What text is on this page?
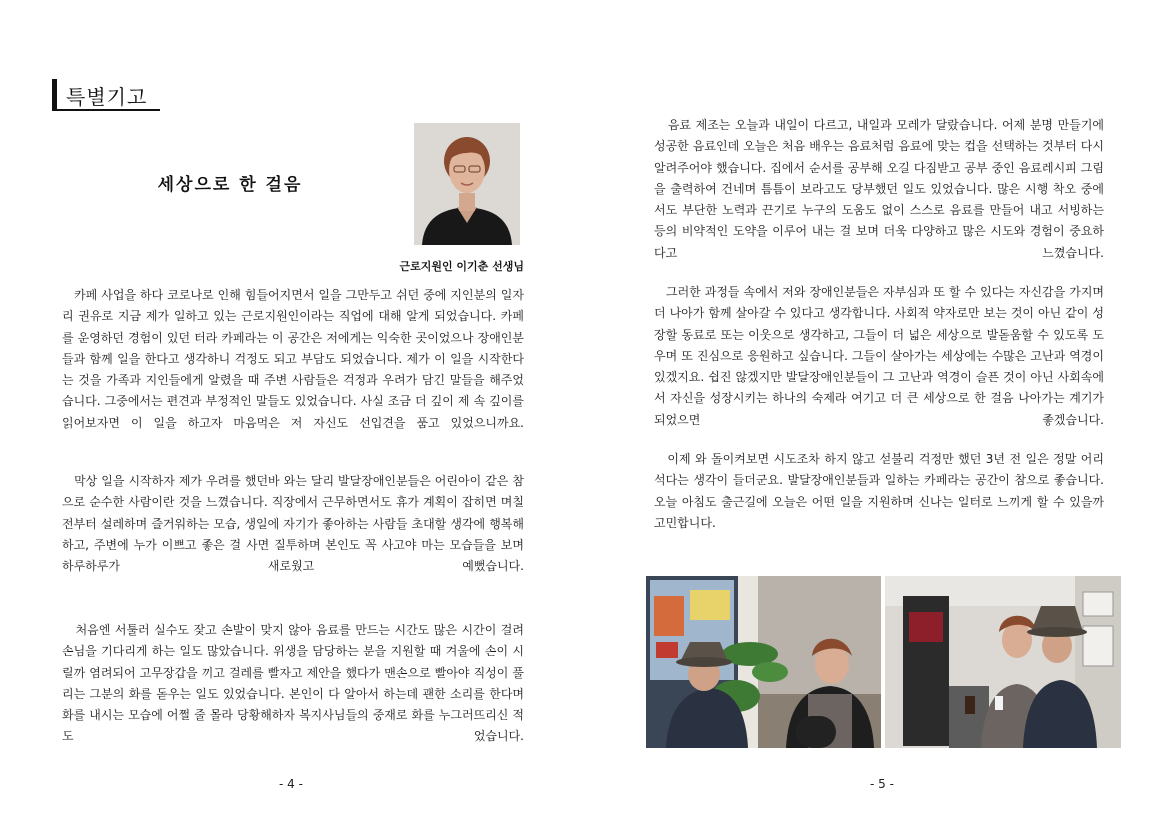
특별기고
세상으로 한 걸음
근로지원인 이기춘 선생님

카페 사업을 하다 코로나로 인해 힘들어지면서 일을 그만두고 쉬던 중에 지인분의 일자리 권유로 지금 제가 일하고 있는 근로지원인이라는 직업에 대해 알게 되었습니다. 카페를 운영하던 경험이 있던 터라 카페라는 이 공간은 저에게는 익숙한 곳이었으나 장애인분들과 함께 일을 한다고 생각하니 걱정도 되고 부담도 되었습니다. 제가 이 일을 시작한다는 것을 가족과 지인들에게 알렸을 때 주변 사람들은 걱정과 우려가 담긴 말들을 해주었습니다. 그중에서는 편견과 부정적인 말들도 있었습니다. 사실 조금 더 깊이 제 속 깊이를 읽어보자면 이 일을 하고자 마음먹은 저 자신도 선입견을 품고 있었으니까요.

막상 일을 시작하자 제가 우려를 했던바 와는 달리 발달장애인분들은 어린아이 같은 참으로 순수한 사람이란 것을 느꼈습니다. 직장에서 근무하면서도 휴가 계획이 잡히면 며칠 전부터 설레하며 즐거워하는 모습, 생일에 자기가 좋아하는 사람들 초대할 생각에 행복해하고, 주변에 누가 이쁘고 좋은 걸 사면 질투하며 본인도 꼭 사고야 마는 모습들을 보며 하루하루가 새로웠고 예뻤습니다.

처음엔 서툴러 실수도 잦고 손발이 맞지 않아 음료를 만드는 시간도 많은 시간이 걸려 손님을 기다리게 하는 일도 많았습니다. 위생을 담당하는 분을 지원할 때 겨울에 손이 시릴까 염려되어 고무장갑을 끼고 걸레를 빨자고 제안을 했다가 맨손으로 빨아야 직성이 풀리는 그분의 화를 돋우는 일도 있었습니다. 본인이 다 알아서 하는데 괜한 소리를 한다며 화를 내시는 모습에 어쩔 줄 몰라 당황해하자 복지사님들의 중재로 화를 누그러뜨리신 적도 었습니다.

- 4 -

음료 제조는 오늘과 내일이 다르고, 내일과 모레가 달랐습니다. 어제 분명 만들기에 성공한 음료인데 오늘은 처음 배우는 음료처럼 음료에 맞는 컵을 선택하는 것부터 다시 알려주어야 했습니다. 집에서 순서를 공부해 오길 다짐받고 공부 중인 음료레시피 그림을 출력하여 건네며 틈틈이 보라고도 당부했던 일도 있었습니다. 많은 시행 착오 중에서도 부단한 노력과 끈기로 누구의 도움도 없이 스스로 음료를 만들어 내고 서빙하는 등의 비약적인 도약을 이루어 내는 걸 보며 더욱 다양하고 많은 시도와 경험이 중요하다고 느꼈습니다.

그러한 과정들 속에서 저와 장애인분들은 자부심과 또 할 수 있다는 자신감을 가지며 더 나아가 함께 살아갈 수 있다고 생각합니다. 사회적 약자로만 보는 것이 아닌 같이 성장할 동료로 또는 이웃으로 생각하고, 그들이 더 넓은 세상으로 발돋움할 수 있도록 도우며 또 진심으로 응원하고 싶습니다. 그들이 살아가는 세상에는 수많은 고난과 역경이 있겠지요. 쉽진 않겠지만 발달장애인분들이 그 고난과 역경이 슬픈 것이 아닌 사회속에서 자신을 성장시키는 하나의 숙제라 여기고 더 큰 세상으로 한 걸음 나아가는 계기가 되었으면 좋겠습니다.

이제 와 돌이켜보면 시도조차 하지 않고 섣불리 걱정만 했던 3년 전 일은 정말 어리석다는 생각이 들더군요. 발달장애인분들과 일하는 카페라는 공간이 참으로 좋습니다. 오늘 아침도 출근길에 오늘은 어떤 일을 지원하며 신나는 일터로 느끼게 할 수 있을까 고민합니다.

- 5 -
